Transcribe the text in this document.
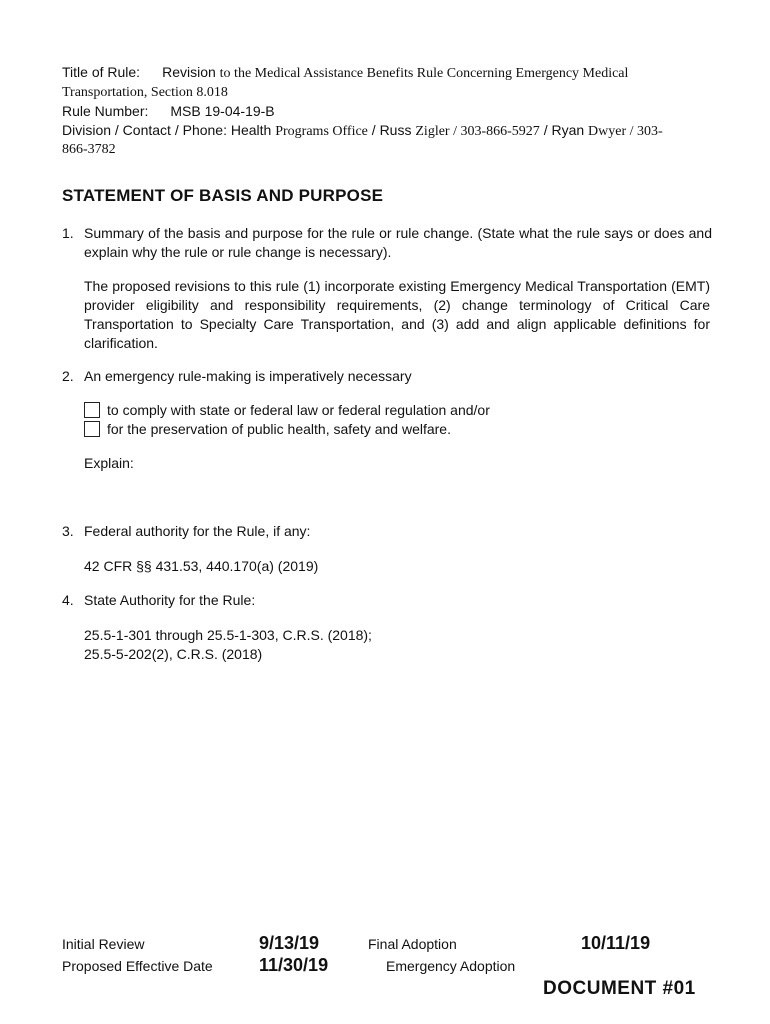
Title of Rule: Revision to the Medical Assistance Benefits Rule Concerning Emergency Medical
Transportation, Section 8.018
Rule Number: MSB 19-04-19-B
Division / Contact / Phone: Health Programs Office / Russ Zigler / 303-866-5927 / Ryan Dwyer / 303-
866-3782
STATEMENT OF BASIS AND PURPOSE
1. Summary of the basis and purpose for the rule or rule change. (State what the rule says or does and explain why the rule or rule change is necessary).
The proposed revisions to this rule (1) incorporate existing Emergency Medical Transportation (EMT) provider eligibility and responsibility requirements, (2) change terminology of Critical Care Transportation to Specialty Care Transportation, and (3) add and align applicable definitions for clarification.
2. An emergency rule-making is imperatively necessary
to comply with state or federal law or federal regulation and/or
for the preservation of public health, safety and welfare.
Explain:
3. Federal authority for the Rule, if any:
42 CFR §§ 431.53, 440.170(a) (2019)
4. State Authority for the Rule:
25.5-1-301 through 25.5-1-303, C.R.S. (2018);
25.5-5-202(2), C.R.S. (2018)
Initial Review	9/13/19	Final Adoption	10/11/19
Proposed Effective Date	11/30/19	Emergency Adoption
DOCUMENT #01
